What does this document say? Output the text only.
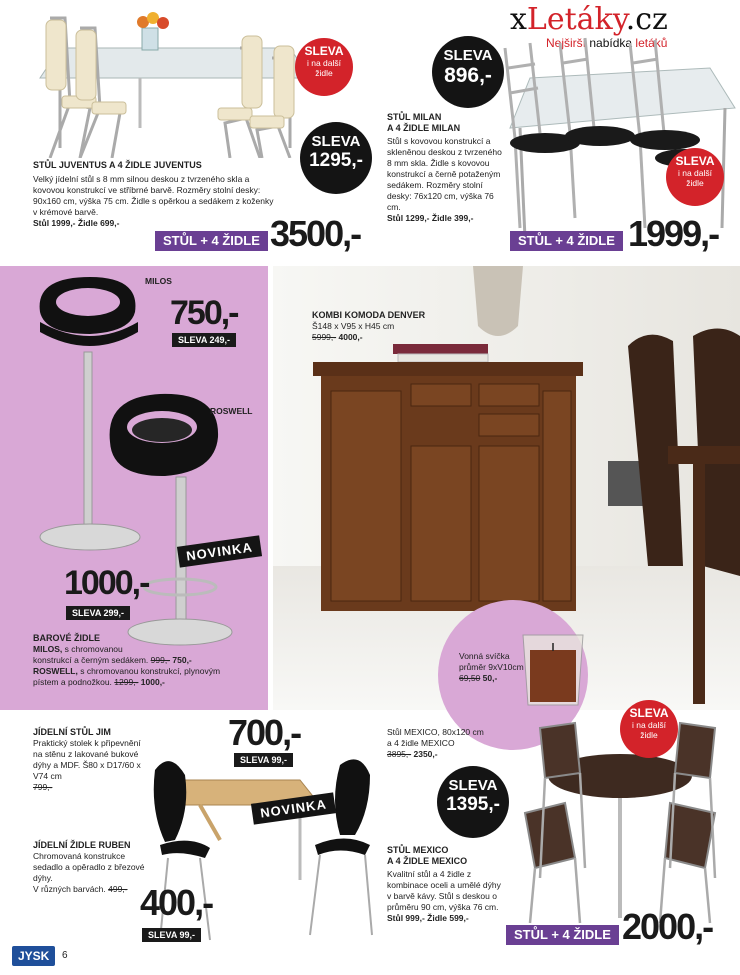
xLetáky.cz
Nejširší nabídka letáků
SLEVA
i na další
židle
SLEVA
1295,-
STŮL JUVENTUS A 4 ŽIDLE JUVENTUS
Velký jídelní stůl s 8 mm silnou deskou z tvrzeného skla a kovovou konstrukcí ve stříbrné barvě. Rozměry stolní desky: 90x160 cm, výška 75 cm. Židle s opěrkou a sedákem z koženky v krémové barvě.
Stůl 1999,- Židle 699,-
STŮL + 4 ŽIDLE 3500,-
SLEVA
896,-
SLEVA
i na další
židle
STŮL MILAN
A 4 ŽIDLE MILAN
Stůl s kovovou konstrukcí a skleněnou deskou z tvrzeného 8 mm skla. Židle s kovovou konstrukcí a černě potaženým sedákem. Rozměry stolní desky: 76x120 cm, výška 76 cm.
Stůl 1299,- Židle 399,-
STŮL + 4 ŽIDLE 1999,-
MILOS
750,-
SLEVA 249,-
ROSWELL
NOVINKA
1000,-
SLEVA 299,-
BAROVÉ ŽIDLE
MILOS, s chromovanou
konstrukcí a černým sedákem. 999,- 750,-
ROSWELL, s chromovanou konstrukcí, plynovým
pístem a podnožkou. 1299,- 1000,-
KOMBI KOMODA DENVER
Š148 x V95 x H45 cm
5999,- 4000,-
Vonná svíčka
průměr 9xV10cm
69,50 50,-
JÍDELNÍ STŮL JIM
Praktický stolek k připevnění na stěnu z lakované bukové dýhy a MDF. Š80 x D17/60 x V74 cm
799,-
700,-
SLEVA 99,-
NOVINKA
JÍDELNÍ ŽIDLE RUBEN
Chromovaná konstrukce sedadlo a opěradlo z březové dýhy.
V různých barvách. 499,- 400,-
SLEVA 99,-
Stůl MEXICO, 80x120 cm
a 4 židle MEXICO
3895,- 2350,-
SLEVA
i na další
židle
SLEVA
1395,-
STŮL MEXICO
A 4 ŽIDLE MEXICO
Kvalitní stůl a 4 židle z kombinace oceli a umělé dýhy v barvě kávy. Stůl s deskou o průměru 90 cm, výška 76 cm.
Stůl 999,- Židle 599,-
STŮL + 4 ŽIDLE 2000,-
JYSK	6
